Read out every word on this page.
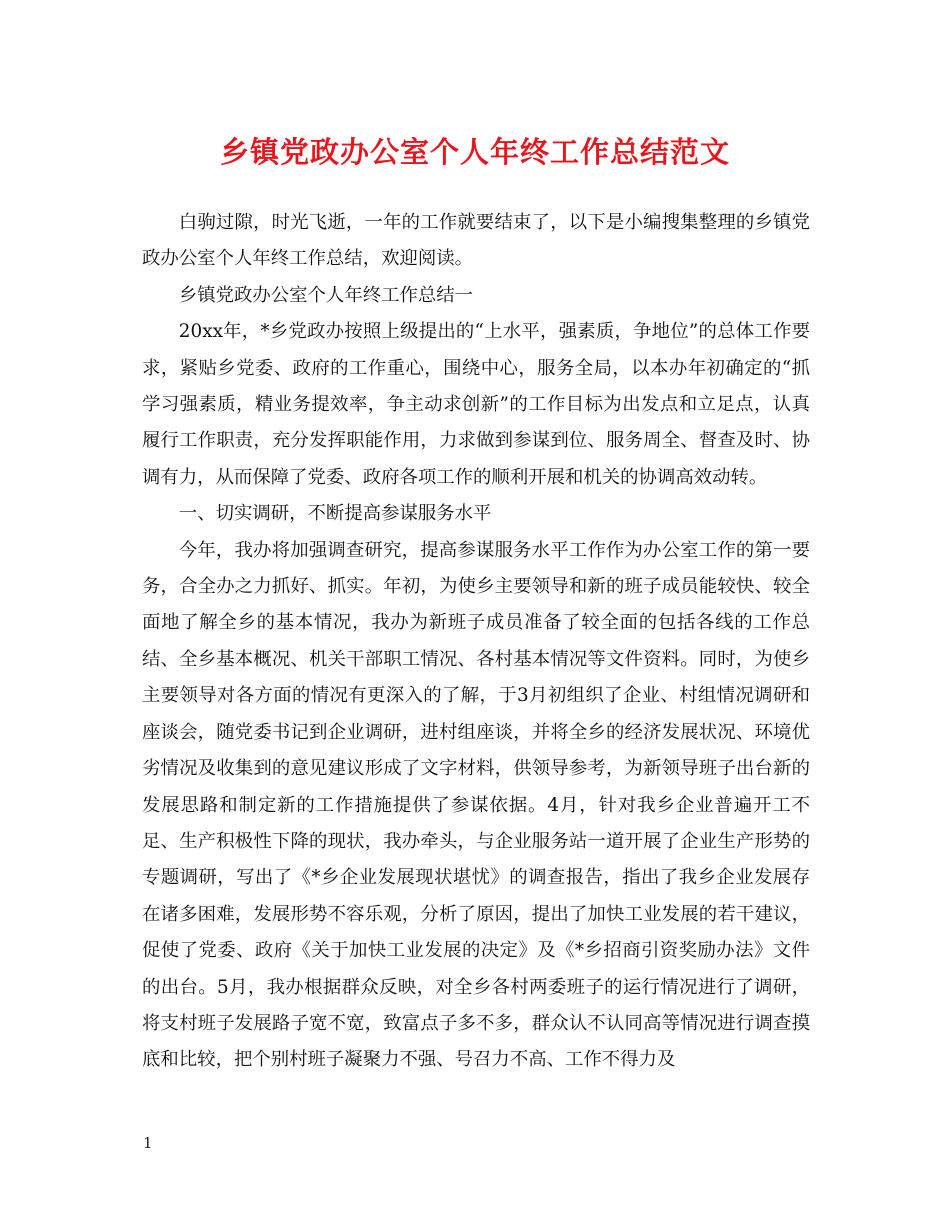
乡镇党政办公室个人年终工作总结范文

白驹过隙，时光飞逝，一年的工作就要结束了，以下是小编搜集整理的乡镇党政办公室个人年终工作总结，欢迎阅读。

乡镇党政办公室个人年终工作总结一

20xx年，*乡党政办按照上级提出的“上水平，强素质，争地位”的总体工作要求，紧贴乡党委、政府的工作重心，围绕中心，服务全局，以本办年初确定的“抓学习强素质，精业务提效率，争主动求创新”的工作目标为出发点和立足点，认真履行工作职责，充分发挥职能作用，力求做到参谋到位、服务周全、督查及时、协调有力，从而保障了党委、政府各项工作的顺利开展和机关的协调高效动转。

一、切实调研，不断提高参谋服务水平

今年，我办将加强调查研究，提高参谋服务水平工作作为办公室工作的第一要务，合全办之力抓好、抓实。年初，为使乡主要领导和新的班子成员能较快、较全面地了解全乡的基本情况，我办为新班子成员准备了较全面的包括各线的工作总结、全乡基本概况、机关干部职工情况、各村基本情况等文件资料。同时，为使乡主要领导对各方面的情况有更深入的了解，于3月初组织了企业、村组情况调研和座谈会，随党委书记到企业调研，进村组座谈，并将全乡的经济发展状况、环境优劣情况及收集到的意见建议形成了文字材料，供领导参考，为新领导班子出台新的发展思路和制定新的工作措施提供了参谋依据。4月，针对我乡企业普遍开工不足、生产积极性下降的现状，我办牵头，与企业服务站一道开展了企业生产形势的专题调研，写出了《*乡企业发展现状堪忧》的调查报告，指出了我乡企业发展存在诸多困难，发展形势不容乐观，分析了原因，提出了加快工业发展的若干建议，促使了党委、政府《关于加快工业发展的决定》及《*乡招商引资奖励办法》文件的出台。5月，我办根据群众反映，对全乡各村两委班子的运行情况进行了调研，将支村班子发展路子宽不宽，致富点子多不多，群众认不认同高等情况进行调查摸底和比较，把个别村班子凝聚力不强、号召力不高、工作不得力及

1
